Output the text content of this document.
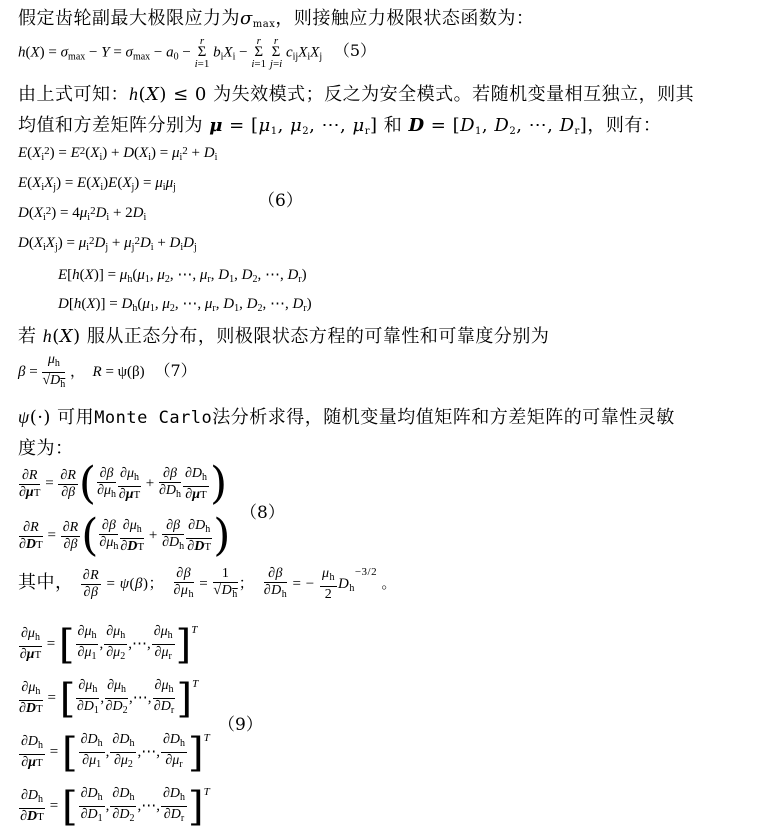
假定齿轮副最大极限应力为$\sigma_{max}$，则接触应力极限状态函数为：
$h(X) = \sigma_{max} - Y = \sigma_{max} - a_0 - r$
Σ
i=1 $b_iX_i - r$
Σ
i=1 r
Σ
j=i $c_{ij}X_iX_j$ （5）
由上式可知：h(X) ≤ 0 为失效模式；反之为安全模式。若随机变量相互独立，则其
均值和方差矩阵分别为 $\mu = [\mu_1$, $\mu_2$, ⋯, $\mu_r$] 和 $D = [D_1$, $D_2$, ⋯, $D_r$]，则有：
$E(X_i^2) = E^2(X_i) + D(X_i) = \mu_i^2 + D_i$
$E(X_iX_j) = E(X_i)E(X_j) = \mu_i\mu_j$
（6）
$D(X_i^2) = 4\mu_i^2D_i + 2D_i$
$D(X_iX_j) = \mu_i^2D_j + \mu_j^2D_i + D_iD_j$
$E[h(X)] = \mu_h(\mu_1$, $\mu_2$, ⋯, $\mu_r$, $D_1$, $D_2$, ⋯, $D_r$)
$D[h(X)] = D_h(\mu_1$, $\mu_2$, ⋯, $\mu_r$, $D_1$, $D_2$, ⋯, $D_r$)
若 h(X) 服从正态分布，则极限状态方程的可靠性和可靠度分别为
$\beta = \frac{\mu_h}{√D_h}$ ，  R = ψ(β) （7）
ψ(·) 可用Monte Carlo法分析求得，随机变量均值矩阵和方差矩阵的可靠性灵敏
度为：
$\frac{\partial R}{\partial\mu^T} = \frac{\partial R}{\partial\beta}$ ( $\frac{\partial\beta}{\partial\mu_h} \frac{\partial\mu_h}{\partial\mu^T} + \frac{\partial\beta}{\partial D_h} \frac{\partial D_h}{\partial\mu^T}$ )
（8）
$\frac{\partial R}{\partial D^T} = \frac{\partial R}{\partial\beta}$ ( $\frac{\partial\beta}{\partial\mu_h} \frac{\partial\mu_h}{\partial D^T} + \frac{\partial\beta}{\partial D_h} \frac{\partial D_h}{\partial D^T}$ )
其中， $\frac{\partial R}{\partial\beta} = \psi(\beta)$； $\frac{\partial\beta}{\partial\mu_h} = \frac{1}{√D_h}$ ； $\frac{\partial\beta}{\partial D_h}$ = − $\frac{\mu_h}{2} D_h^{-3/2}$ 。
$\frac{\partial\mu_h}{\partial\mu^T}$ = [ $\frac{\partial\mu_h}{\partial\mu_1}$ , $\frac{\partial\mu_h}{\partial\mu_2}$ ,⋯, $\frac{\partial\mu_h}{\partial\mu_r} ]^T$
$\frac{\partial\mu_h}{\partial D^T}$ = [ $\frac{\partial\mu_h}{\partial D_1}$ , $\frac{\partial\mu_h}{\partial D_2}$ ,⋯, $\frac{\partial\mu_h}{\partial D_r} ]^T$
（9）
$\frac{\partial D_h}{\partial\mu^T}$ = [ $\frac{\partial D_h}{\partial\mu_1}$ , $\frac{\partial D_h}{\partial\mu_2}$ ,⋯, $\frac{\partial D_h}{\partial\mu_r} ]^T$
$\frac{\partial D_h}{\partial D^T}$ = [ $\frac{\partial D_h}{\partial D_1}$ , $\frac{\partial D_h}{\partial D_2}$ ,⋯, $\frac{\partial D_h}{\partial D_r} ]^T$
